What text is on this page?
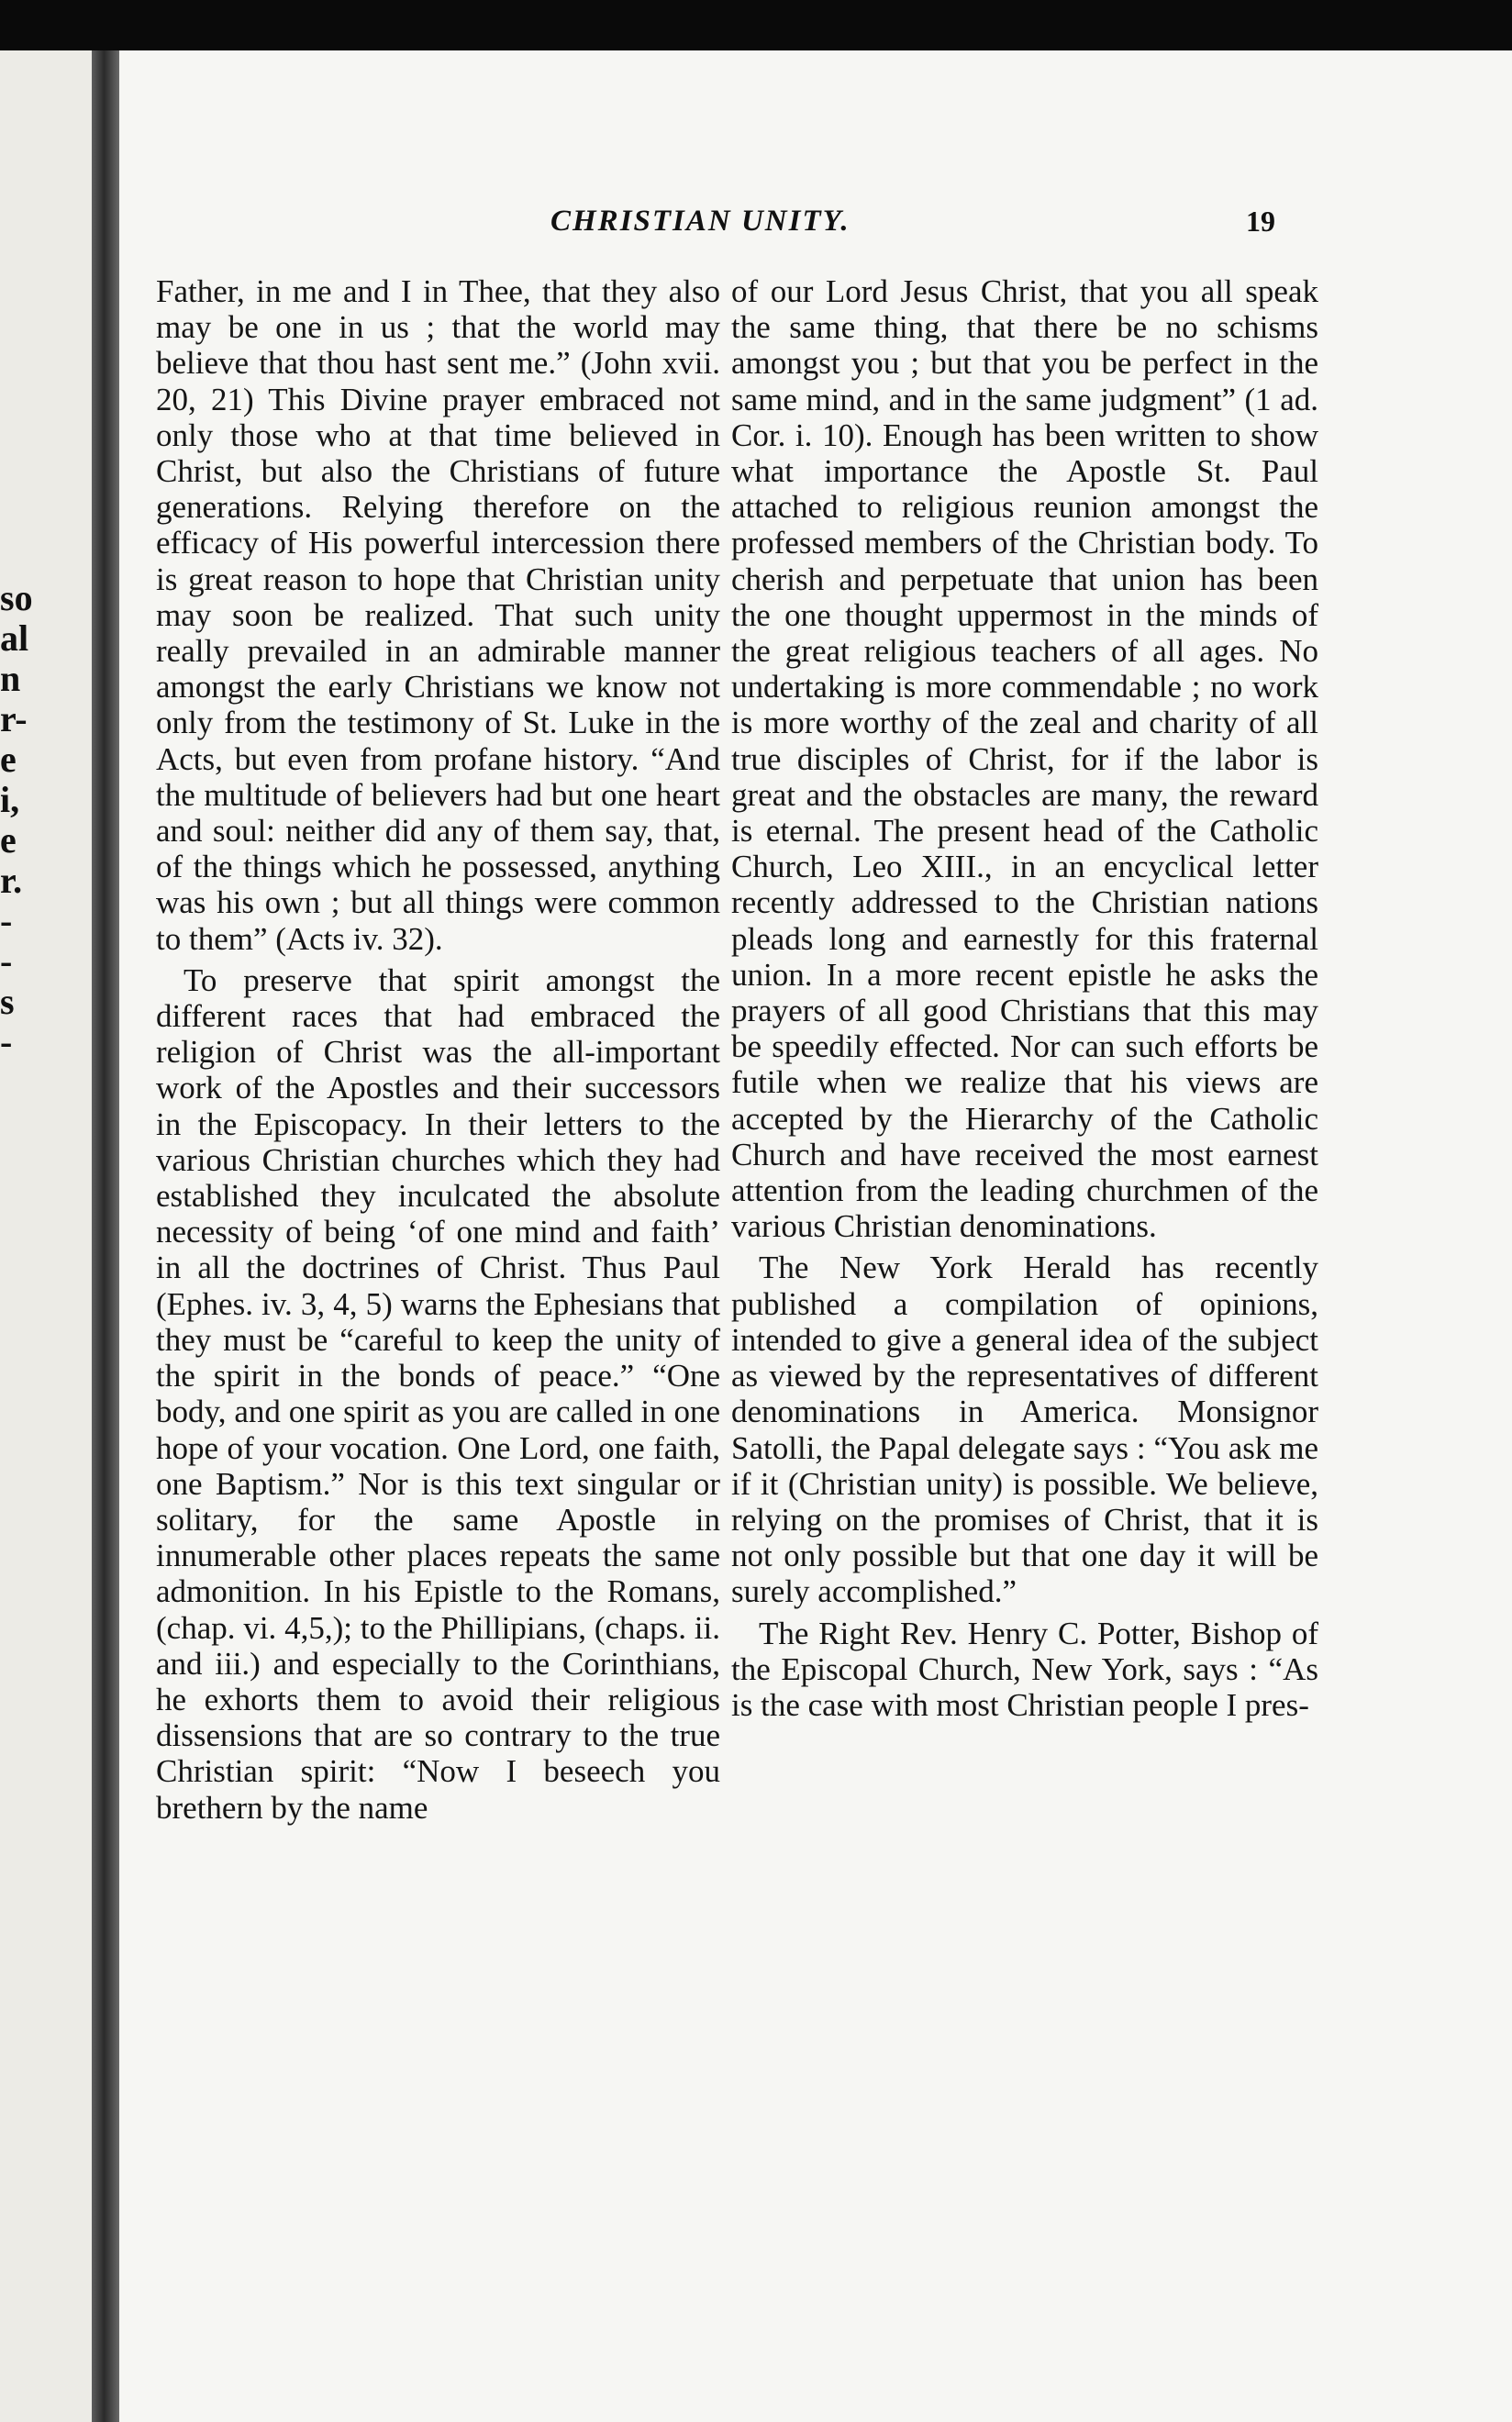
so
al
n
r-
e
i,
e
r.
-
-
s
-
CHRISTIAN UNITY.	19

Father, in me and I in Thee, that they also may be one in us ; that the world may believe that thou hast sent me.” (John xvii. 20, 21) This Divine prayer embraced not only those who at that time believed in Christ, but also the Christians of future generations. Relying therefore on the efficacy of His powerful intercession there is great reason to hope that Christian unity may soon be realized. That such unity really prevailed in an admirable manner amongst the early Christians we know not only from the testimony of St. Luke in the Acts, but even from profane history. “And the multitude of believers had but one heart and soul: neither did any of them say, that, of the things which he possessed, anything was his own ; but all things were common to them” (Acts iv. 32).

To preserve that spirit amongst the different races that had embraced the religion of Christ was the all-important work of the Apostles and their successors in the Episcopacy. In their letters to the various Christian churches which they had established they inculcated the absolute necessity of being ‘of one mind and faith’ in all the doctrines of Christ. Thus Paul (Ephes. iv. 3, 4, 5) warns the Ephesians that they must be “careful to keep the unity of the spirit in the bonds of peace.” “One body, and one spirit as you are called in one hope of your vocation. One Lord, one faith, one Baptism.” Nor is this text singular or solitary, for the same Apostle in innumerable other places repeats the same admonition. In his Epistle to the Romans, (chap. vi. 4,5,); to the Phillipians, (chaps. ii. and iii.) and especially to the Corinthians, he exhorts them to avoid their religious dissensions that are so contrary to the true Christian spirit: “Now I beseech you brethern by the name

of our Lord Jesus Christ, that you all speak the same thing, that there be no schisms amongst you ; but that you be perfect in the same mind, and in the same judgment” (1 ad. Cor. i. 10). Enough has been written to show what importance the Apostle St. Paul attached to religious reunion amongst the professed members of the Christian body. To cherish and perpetuate that union has been the one thought uppermost in the minds of the great religious teachers of all ages. No undertaking is more commendable ; no work is more worthy of the zeal and charity of all true disciples of Christ, for if the labor is great and the obstacles are many, the reward is eternal. The present head of the Catholic Church, Leo XIII., in an encyclical letter recently addressed to the Christian nations pleads long and earnestly for this fraternal union. In a more recent epistle he asks the prayers of all good Christians that this may be speedily effected. Nor can such efforts be futile when we realize that his views are accepted by the Hierarchy of the Catholic Church and have received the most earnest attention from the leading churchmen of the various Christian denominations.

The New York Herald has recently published a compilation of opinions, intended to give a general idea of the subject as viewed by the representatives of different denominations in America. Monsignor Satolli, the Papal delegate says : “You ask me if it (Christian unity) is possible. We believe, relying on the promises of Christ, that it is not only possible but that one day it will be surely accomplished.”

The Right Rev. Henry C. Potter, Bishop of the Episcopal Church, New York, says : “As is the case with most Christian people I pres-
